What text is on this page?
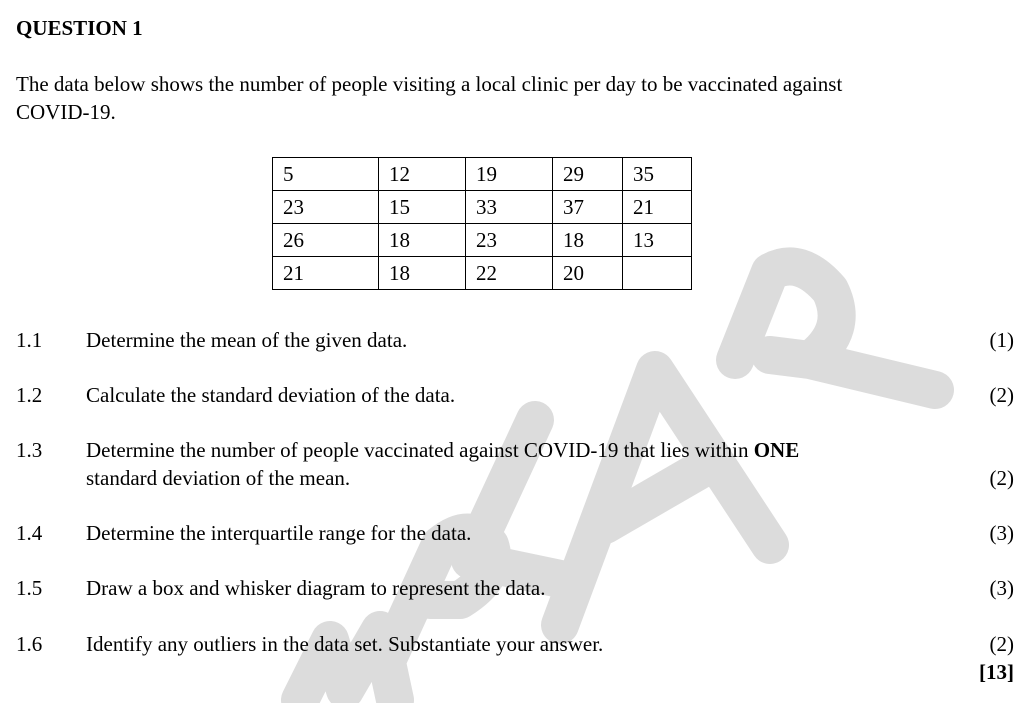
QUESTION 1
The data below shows the number of people visiting a local clinic per day to be vaccinated against COVID-19.
5	12	19	29	35
23	15	33	37	21
26	18	23	18	13
21	18	22	20	
1.1 Determine the mean of the given data.	(1)
1.2 Calculate the standard deviation of the data.	(2)
1.3 Determine the number of people vaccinated against COVID-19 that lies within ONE
standard deviation of the mean.	(2)
1.4 Determine the interquartile range for the data.	(3)
1.5 Draw a box and whisker diagram to represent the data.	(3)
1.6 Identify any outliers in the data set. Substantiate your answer.	(2)
[13]
